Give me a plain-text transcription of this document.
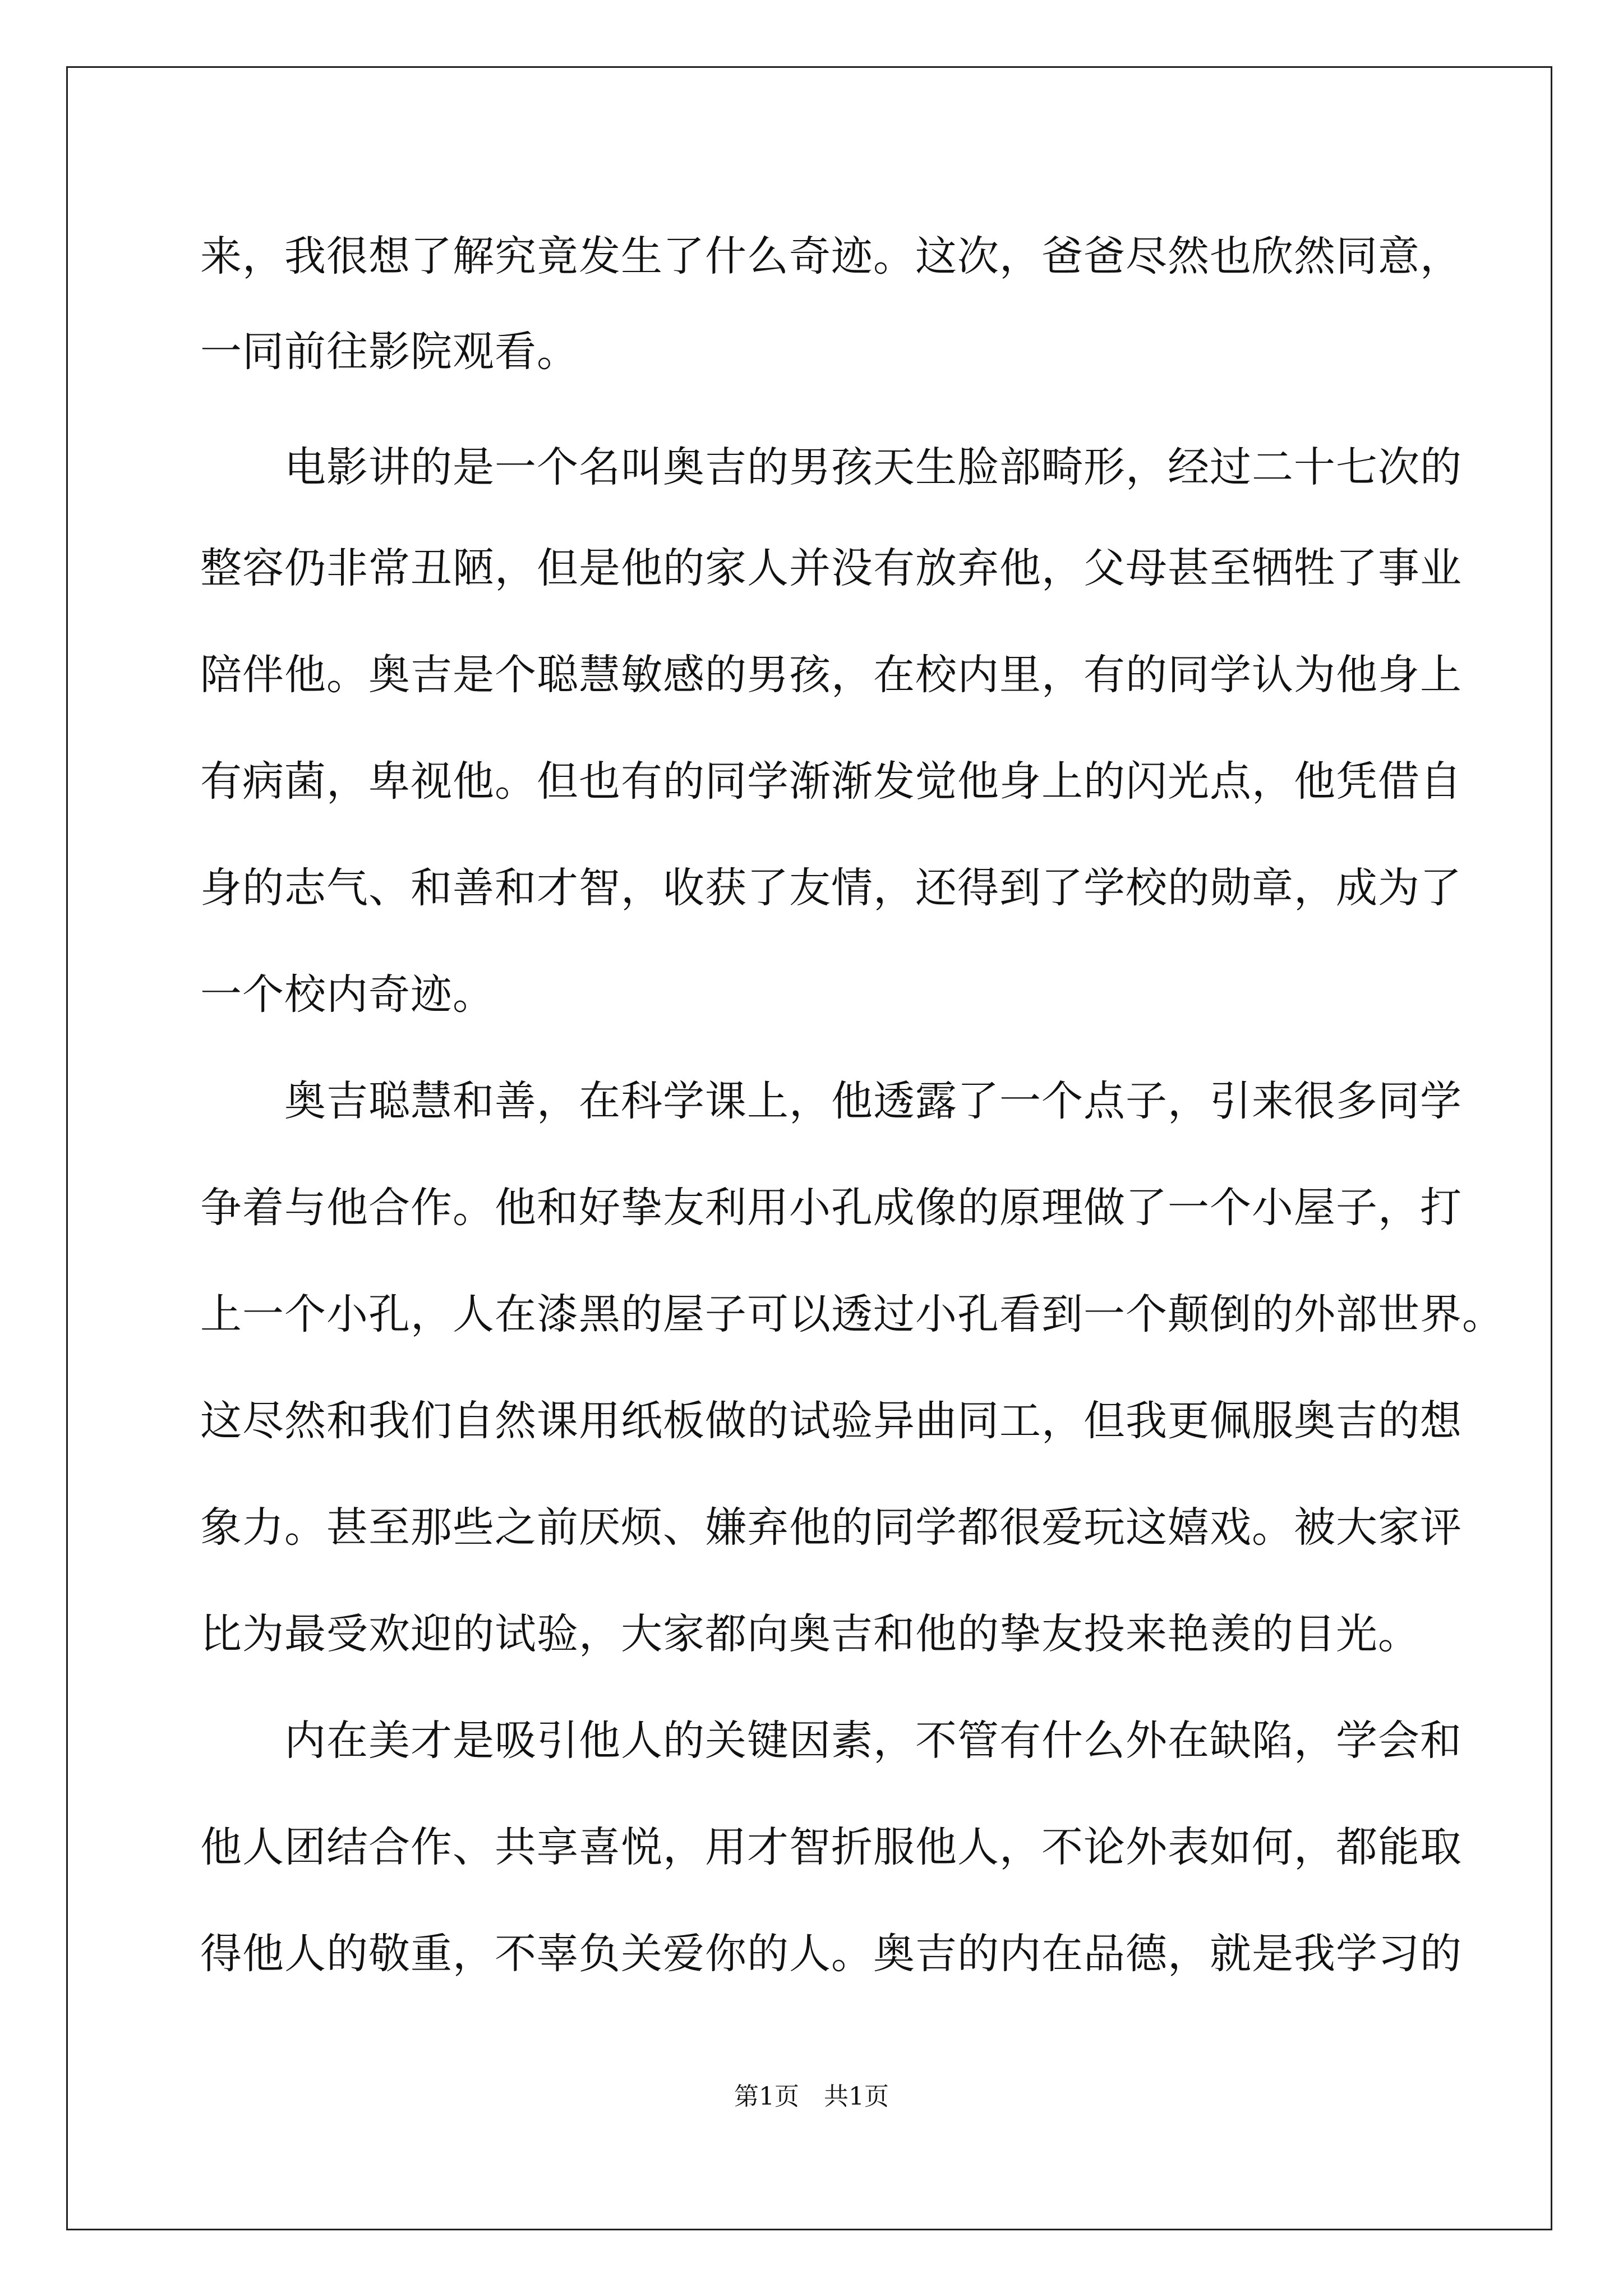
来，我很想了解究竟发生了什么奇迹。这次，爸爸尽然也欣然同意，
一同前往影院观看。
　　电影讲的是一个名叫奥吉的男孩天生脸部畸形，经过二十七次的
整容仍非常丑陋，但是他的家人并没有放弃他，父母甚至牺牲了事业
陪伴他。奥吉是个聪慧敏感的男孩，在校内里，有的同学认为他身上
有病菌，卑视他。但也有的同学渐渐发觉他身上的闪光点，他凭借自
身的志气、和善和才智，收获了友情，还得到了学校的勋章，成为了
一个校内奇迹。
　　奥吉聪慧和善，在科学课上，他透露了一个点子，引来很多同学
争着与他合作。他和好挚友利用小孔成像的原理做了一个小屋子，打
上一个小孔，人在漆黑的屋子可以透过小孔看到一个颠倒的外部世界。
这尽然和我们自然课用纸板做的试验异曲同工，但我更佩服奥吉的想
象力。甚至那些之前厌烦、嫌弃他的同学都很爱玩这嬉戏。被大家评
比为最受欢迎的试验，大家都向奥吉和他的挚友投来艳羡的目光。
　　内在美才是吸引他人的关键因素，不管有什么外在缺陷，学会和
他人团结合作、共享喜悦，用才智折服他人，不论外表如何，都能取
得他人的敬重，不辜负关爱你的人。奥吉的内在品德，就是我学习的
第1页　共1页
